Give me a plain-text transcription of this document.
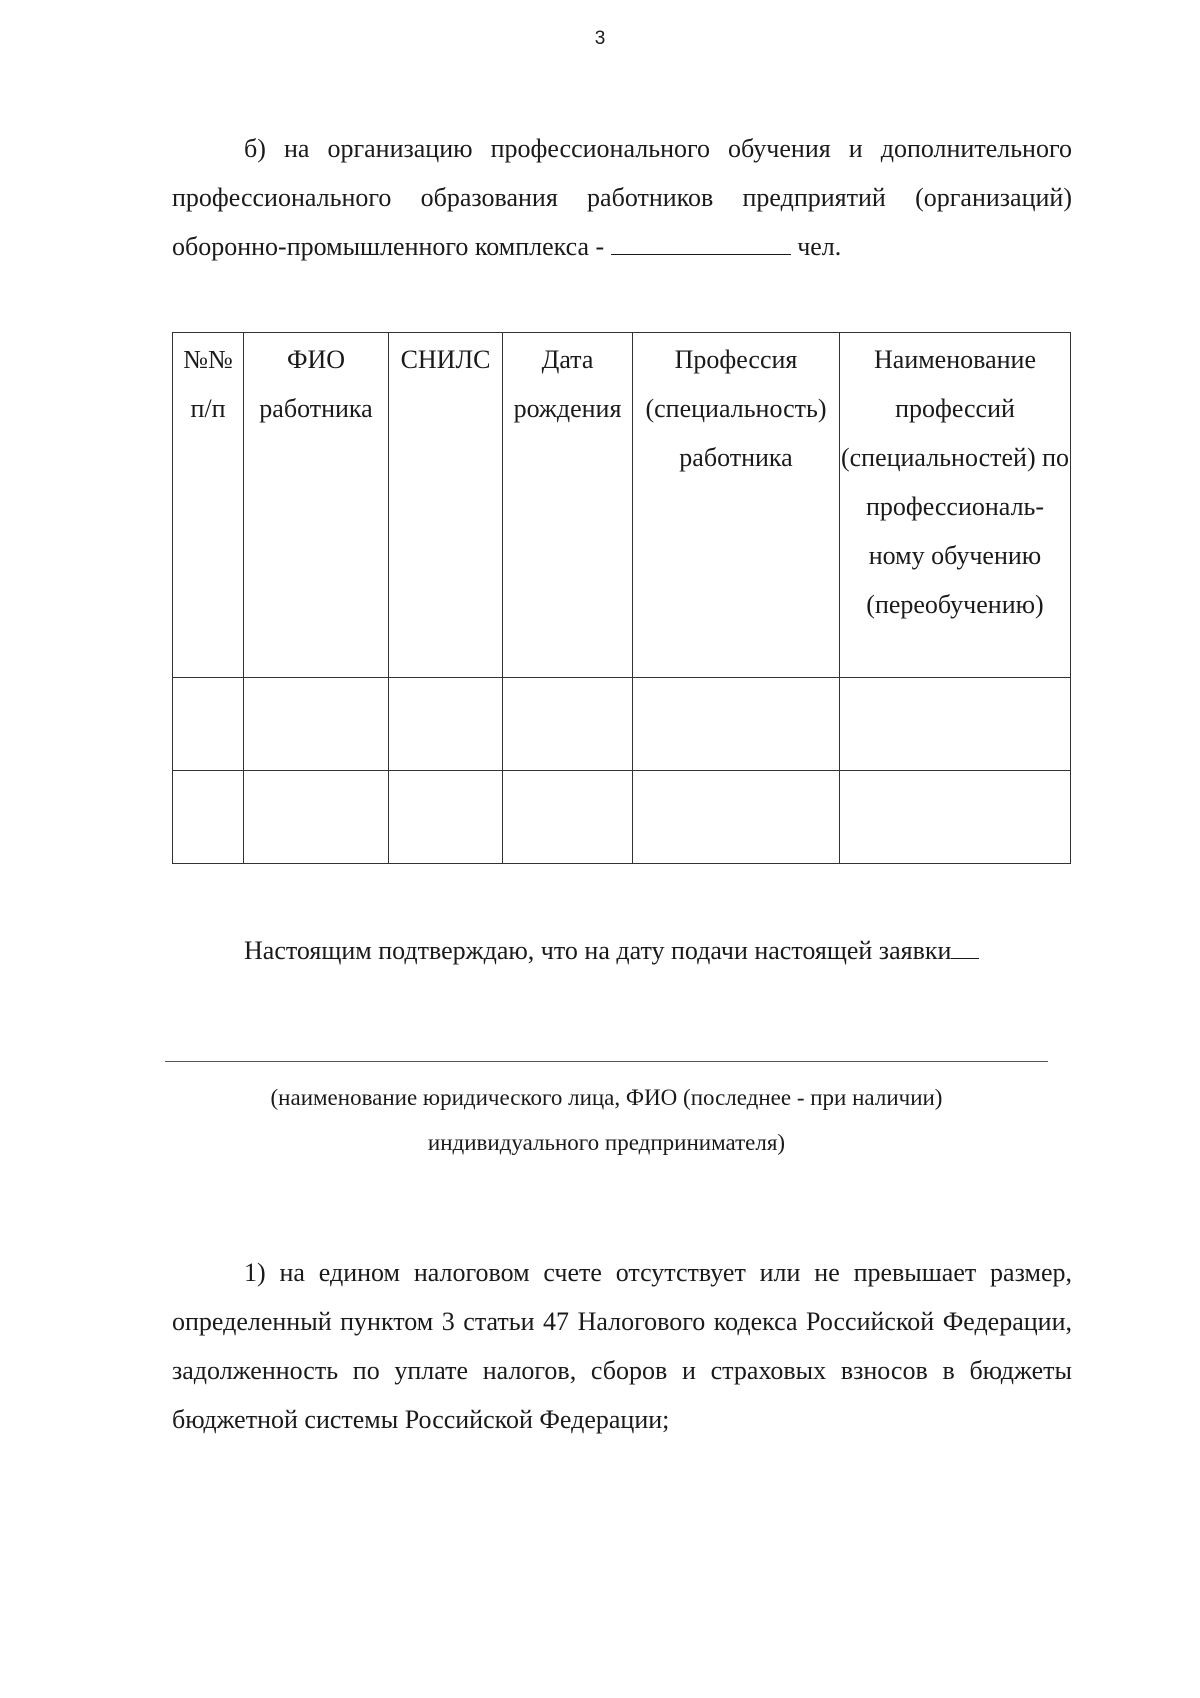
3

б) на организацию профессионального обучения и дополнительного профессионального образования работников предприятий (организаций) оборонно-промышленного комплекса -	чел.

№№ п/п	ФИО работника	СНИЛС	Дата рождения	Профессия (специальность) работника	Наименование профессий (специальностей) по профессиональ-ному обучению (переобучению)

Настоящим подтверждаю, что на дату подачи настоящей заявки

(наименование юридического лица, ФИО (последнее - при наличии)
индивидуального предпринимателя)

1) на едином налоговом счете отсутствует или не превышает размер, определенный пунктом 3 статьи 47 Налогового кодекса Российской Федерации, задолженность по уплате налогов, сборов и страховых взносов в бюджеты бюджетной системы Российской Федерации;
